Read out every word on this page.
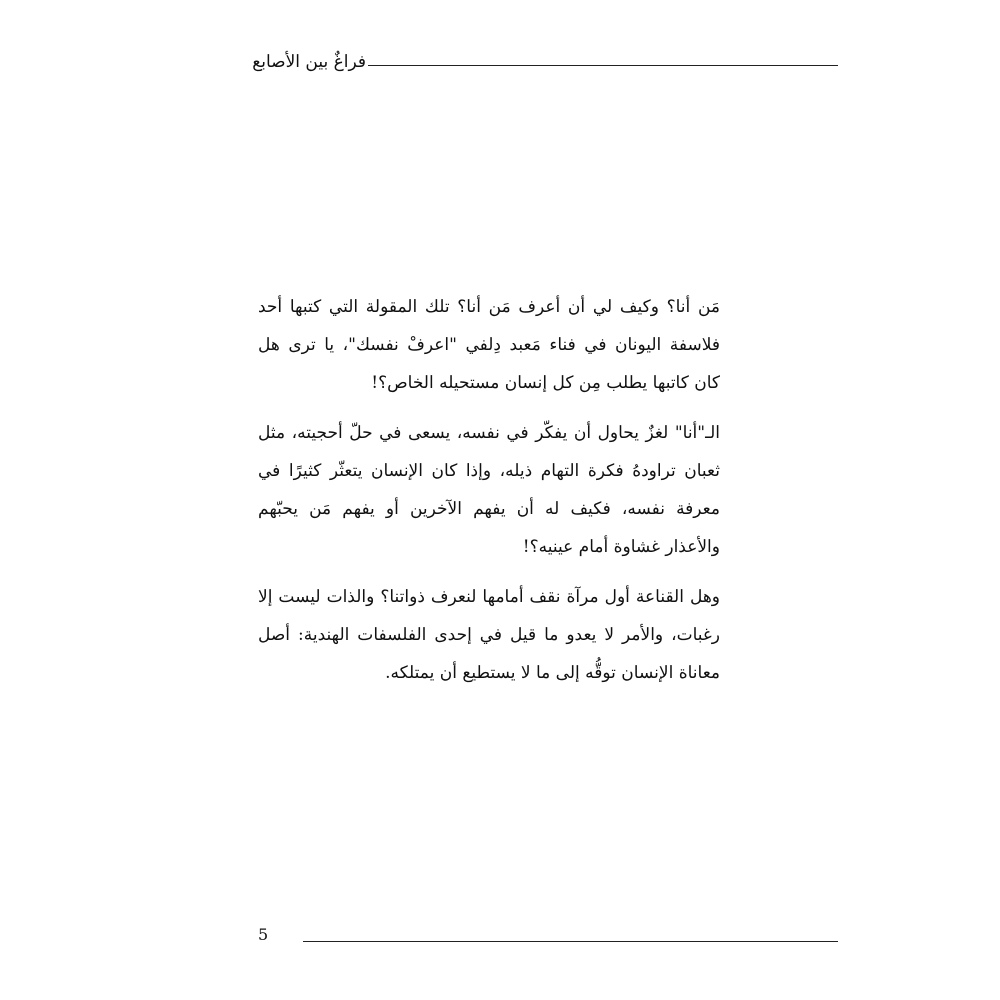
فراغٌ بين الأصابع

مَن أنا؟ وكيف لي أن أعرف مَن أنا؟ تلك المقولة التي كتبها أحد فلاسفة اليونان في فناء مَعبد دِلفي "اعرفْ نفسك"، يا ترى هل كان كاتبها يطلب مِن كل إنسان مستحيله الخاص؟!

الـ"أنا" لغزٌ يحاول أن يفكّر في نفسه، يسعى في حلّ أحجيته، مثل ثعبان تراودهُ فكرة التهام ذيله، وإذا كان الإنسان يتعثّر كثيرًا في معرفة نفسه، فكيف له أن يفهم الآخرين أو يفهم مَن يحبّهم والأعذار غشاوة أمام عينيه؟!

وهل القناعة أول مرآة نقف أمامها لنعرف ذواتنا؟ والذات ليست إلا رغبات، والأمر لا يعدو ما قيل في إحدى الفلسفات الهندية: أصل معاناة الإنسان توقُّه إلى ما لا يستطيع أن يمتلكه.

5
